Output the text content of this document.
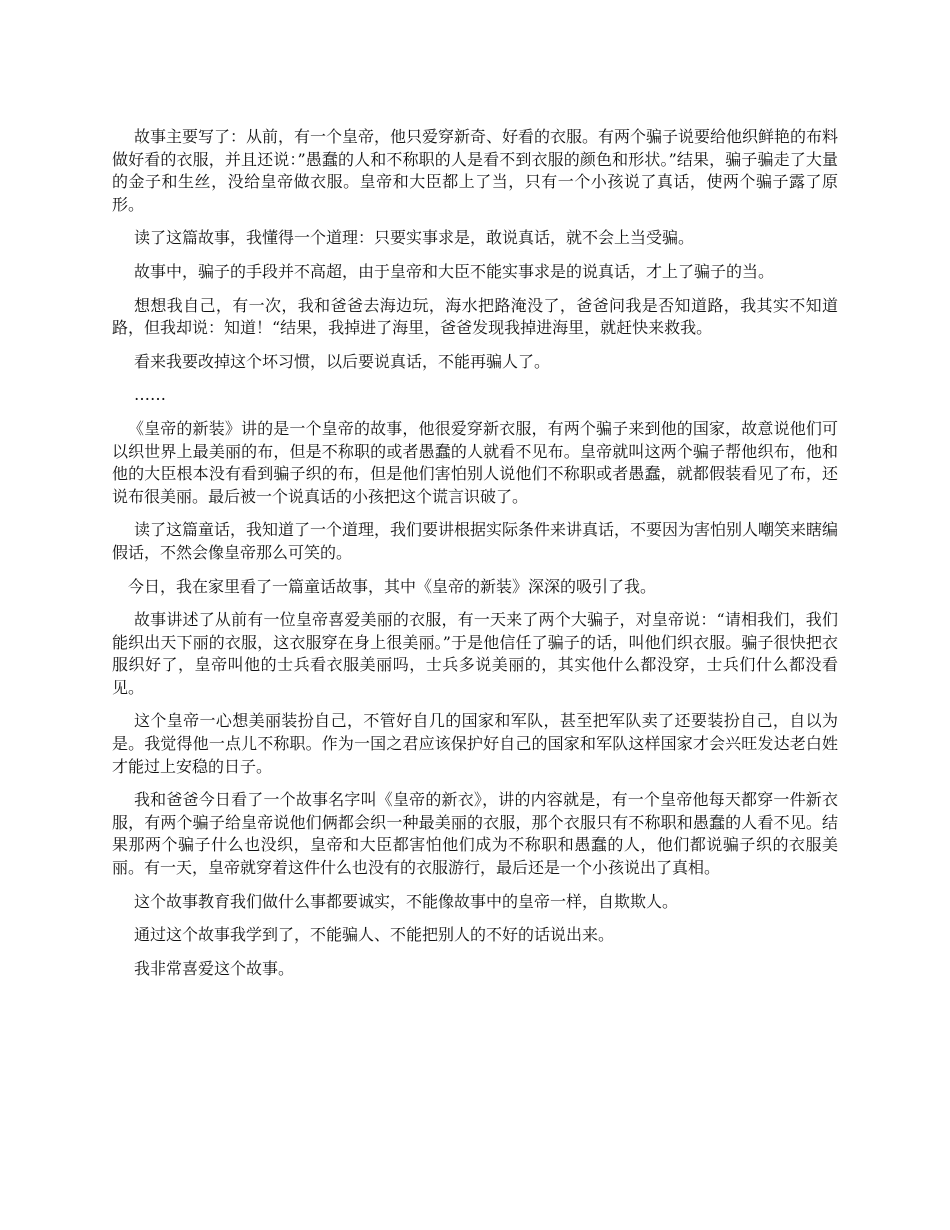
故事主要写了：从前，有一个皇帝，他只爱穿新奇、好看的衣服。有两个骗子说要给他织鲜艳的布料做好看的衣服，并且还说：”愚蠢的人和不称职的人是看不到衣服的颜色和形状。”结果，骗子骗走了大量的金子和生丝，没给皇帝做衣服。皇帝和大臣都上了当，只有一个小孩说了真话，使两个骗子露了原形。

读了这篇故事，我懂得一个道理：只要实事求是，敢说真话，就不会上当受骗。

故事中，骗子的手段并不高超，由于皇帝和大臣不能实事求是的说真话，才上了骗子的当。

想想我自己，有一次，我和爸爸去海边玩，海水把路淹没了，爸爸问我是否知道路，我其实不知道路，但我却说：知道！“结果，我掉进了海里，爸爸发现我掉进海里，就赶快来救我。

看来我要改掉这个坏习惯，以后要说真话，不能再骗人了。

……

《皇帝的新装》讲的是一个皇帝的故事，他很爱穿新衣服，有两个骗子来到他的国家，故意说他们可以织世界上最美丽的布，但是不称职的或者愚蠢的人就看不见布。皇帝就叫这两个骗子帮他织布，他和他的大臣根本没有看到骗子织的布，但是他们害怕别人说他们不称职或者愚蠢，就都假装看见了布，还说布很美丽。最后被一个说真话的小孩把这个谎言识破了。

读了这篇童话，我知道了一个道理，我们要讲根据实际条件来讲真话，不要因为害怕别人嘲笑来瞎编假话，不然会像皇帝那么可笑的。

今日，我在家里看了一篇童话故事，其中《皇帝的新装》深深的吸引了我。

故事讲述了从前有一位皇帝喜爱美丽的衣服，有一天来了两个大骗子，对皇帝说：“请相我们，我们能织出天下丽的衣服，这衣服穿在身上很美丽。”于是他信任了骗子的话，叫他们织衣服。骗子很快把衣服织好了，皇帝叫他的士兵看衣服美丽吗，士兵多说美丽的，其实他什么都没穿，士兵们什么都没看见。

这个皇帝一心想美丽装扮自己，不管好自几的国家和军队，甚至把军队卖了还要装扮自己，自以为是。我觉得他一点儿不称职。作为一国之君应该保护好自己的国家和军队这样国家才会兴旺发达老白姓才能过上安稳的日子。

我和爸爸今日看了一个故事名字叫《皇帝的新衣》，讲的内容就是，有一个皇帝他每天都穿一件新衣服，有两个骗子给皇帝说他们俩都会织一种最美丽的衣服，那个衣服只有不称职和愚蠢的人看不见。结果那两个骗子什么也没织，皇帝和大臣都害怕他们成为不称职和愚蠢的人，他们都说骗子织的衣服美丽。有一天，皇帝就穿着这件什么也没有的衣服游行，最后还是一个小孩说出了真相。

这个故事教育我们做什么事都要诚实，不能像故事中的皇帝一样，自欺欺人。

通过这个故事我学到了，不能骗人、不能把别人的不好的话说出来。

我非常喜爱这个故事。
